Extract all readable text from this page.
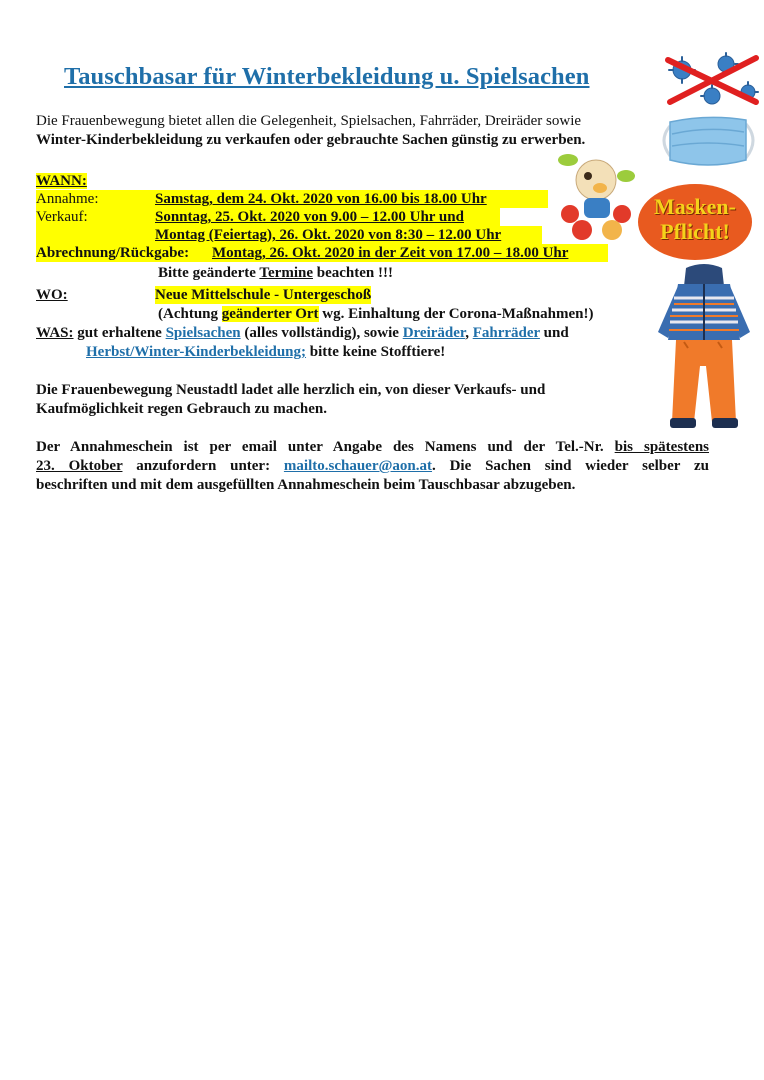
Tauschbasar für Winterbekleidung u. Spielsachen
Die Frauenbewegung bietet allen die Gelegenheit, Spielsachen, Fahrräder, Dreiräder sowie
Winter-Kinderbekleidung zu verkaufen oder gebrauchte Sachen günstig zu erwerben.
WANN:
Annahme:	Samstag, dem 24. Okt. 2020 von 16.00 bis 18.00 Uhr
Verkauf:	Sonntag, 25. Okt. 2020 von 9.00 – 12.00 Uhr und
Montag (Feiertag), 26. Okt. 2020 von 8:30 – 12.00 Uhr
Abrechnung/Rückgabe: Montag, 26. Okt. 2020 in der Zeit von 17.00 – 18.00 Uhr
Bitte geänderte Termine beachten !!!
WO:	Neue Mittelschule - Untergeschoß
(Achtung geänderter Ort wg. Einhaltung der Corona-Maßnahmen!)
WAS: gut erhaltene Spielsachen (alles vollständig), sowie Dreiräder, Fahrräder und
Herbst/Winter-Kinderbekleidung; bitte keine Stofftiere!
Die Frauenbewegung Neustadtl ladet alle herzlich ein, von dieser Verkaufs- und
Kaufmöglichkeit regen Gebrauch zu machen.
Der Annahmeschein ist per email unter Angabe des Namens und der Tel.-Nr. bis spätestens
23. Oktober anzufordern unter: mailto.schauer@aon.at. Die Sachen sind wieder selber zu
beschriften und mit dem ausgefüllten Annahmeschein beim Tauschbasar abzugeben.
Masken-
Pflicht!
